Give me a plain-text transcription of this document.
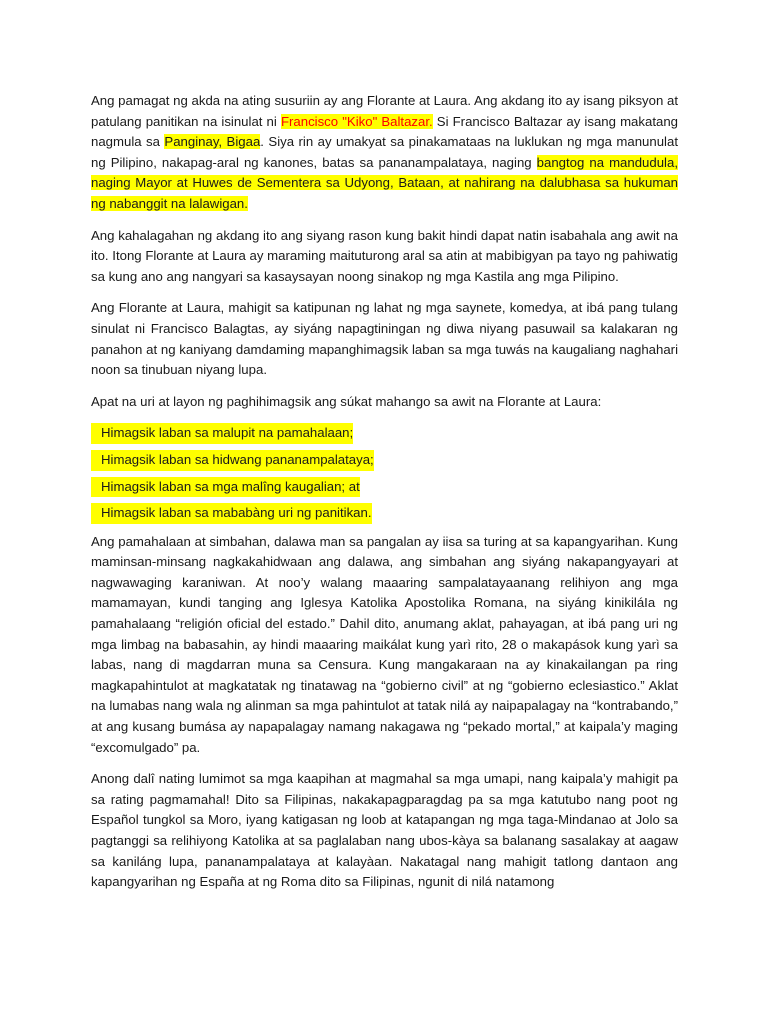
Ang pamagat ng akda na ating susuriin ay ang Florante at Laura. Ang akdang ito ay isang piksyon at patulang panitikan na isinulat ni Francisco "Kiko" Baltazar. Si Francisco Baltazar ay isang makatang nagmula sa Panginay, Bigaa. Siya rin ay umakyat sa pinakamataas na luklukan ng mga manunulat ng Pilipino, nakapag-aral ng kanones, batas sa pananampalataya, naging bangtog na mandudula, naging Mayor at Huwes de Sementera sa Udyong, Bataan, at nahirang na dalubhasa sa hukuman ng nabanggit na lalawigan.

Ang kahalagahan ng akdang ito ang siyang rason kung bakit hindi dapat natin isabahala ang awit na ito. Itong Florante at Laura ay maraming maituturong aral sa atin at mabibigyan pa tayo ng pahiwatig sa kung ano ang nangyari sa kasaysayan noong sinakop ng mga Kastila ang mga Pilipino.

Ang Florante at Laura, mahigit sa katipunan ng lahat ng mga saynete, komedya, at ibá pang tulang sinulat ni Francisco Balagtas, ay siyáng napagtiningan ng diwa niyang pasuwail sa kalakaran ng panahon at ng kaniyang damdaming mapanghimagsik laban sa mga tuwás na kaugaliang naghahari noon sa tinubuan niyang lupa.

Apat na uri at layon ng paghihimagsik ang súkat mahango sa awit na Florante at Laura:

Himagsik laban sa malupit na pamahalaan;
Himagsik laban sa hidwang pananampalataya;
Himagsik laban sa mga malîng kaugalian; at
Himagsik laban sa mababàng uri ng panitikan.

Ang pamahalaan at simbahan, dalawa man sa pangalan ay iisa sa turing at sa kapangyarihan. Kung maminsan-minsang nagkakahidwaan ang dalawa, ang simbahan ang siyáng nakapangyayari at nagwawaging karaniwan. At noo’y walang maaaring sampalatayaanang relihiyon ang mga mamamayan, kundi tanging ang Iglesya Katolika Apostolika Romana, na siyáng kinikiláIa ng pamahalaang “religión oficial del estado.” Dahil dito, anumang aklat, pahayagan, at ibá pang uri ng mga limbag na babasahin, ay hindi maaaring maikálat kung yarì rito, 28 o makapások kung yarì sa labas, nang di magdarran muna sa Censura. Kung mangakaraan na ay kinakailangan pa ring magkapahintulot at magkatatak ng tinatawag na “gobierno civil” at ng “gobierno eclesiastico.” Aklat na lumabas nang wala ng alinman sa mga pahintulot at tatak nilá ay naipapalagay na “kontrabando,” at ang kusang bumása ay napapalagay namang nakagawa ng “pekado mortal,” at kaipala’y maging “excomulgado” pa.

Anong dalî nating lumimot sa mga kaapihan at magmahal sa mga umapi, nang kaipala’y mahigit pa sa rating pagmamahal! Dito sa Filipinas, nakakapagparagdag pa sa mga katutubo nang poot ng Español tungkol sa Moro, iyang katigasan ng loob at katapangan ng mga taga-Mindanao at Jolo sa pagtanggi sa relihiyong Katolika at sa paglalaban nang ubos-kàya sa balanang sasalakay at aagaw sa kaniláng lupa, pananampalataya at kalayàan. Nakatagal nang mahigit tatlong dantaon ang kapangyarihan ng España at ng Roma dito sa Filipinas, ngunit di nilá natamong
